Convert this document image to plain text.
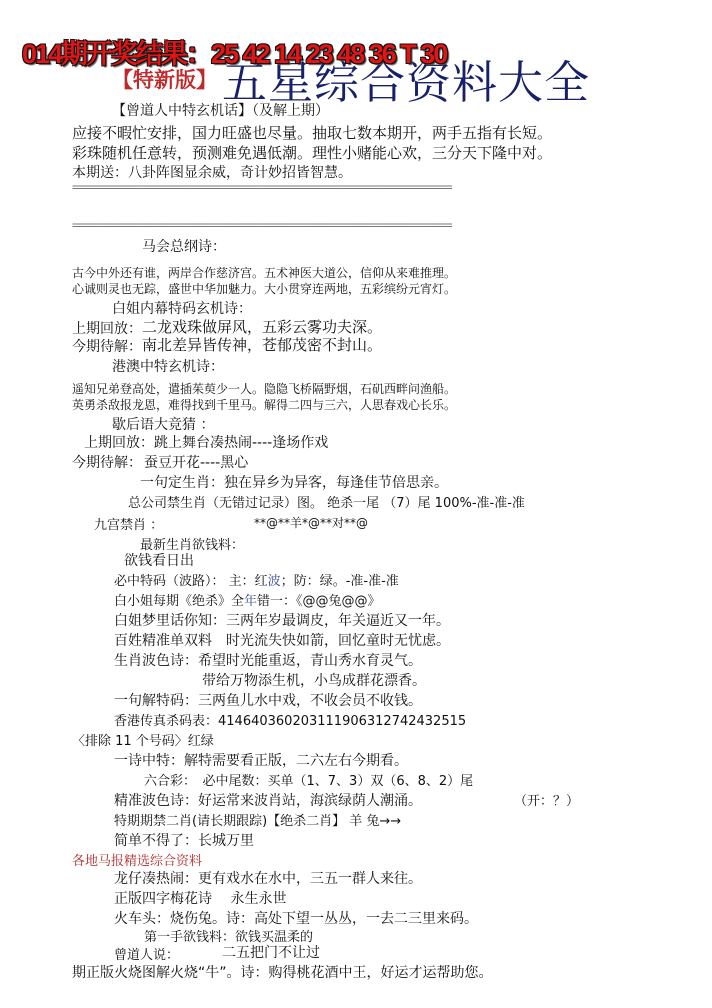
014期开奖结果：25 42 14 23 48 36 T 30
【特新版】 五星综合资料大全
【曾道人中特玄机话】（及解上期）
应接不暇忙安排，国力旺盛也尽量。抽取七数本期开，两手五指有长短。
彩珠随机任意转，预测难免遇低潮。理性小赌能心欢，三分天下隆中对。
本期送：八卦阵图显余威，奇计妙招皆智慧。
================================================================
================================================================
马会总纲诗：
古今中外还有谁，两岸合作慈济宫。五术神医大道公，信仰从来难推理。
心诚则灵也无踪，盛世中华加魅力。大小贯穿连两地，五彩缤纷元宵灯。
白姐内幕特码玄机诗：
上期回放： 二龙戏珠做屏风，五彩云雾功夫深。
今期待解： 南北差异皆传神，苍郁茂密不封山。
港澳中特玄机诗：
遥知兄弟登高处，遣插茱萸少一人。隐隐飞桥隔野烟，石矶西畔问渔船。
英勇杀敌报龙恩，难得找到千里马。解得二四与三六，人思春戏心长乐。
歇后语大竞猜 ：
上期回放： 跳上舞台凑热闹----逢场作戏
今期待解： 蚕豆开花----黑心
一句定生肖：独在异乡为异客，每逢佳节倍思亲。
总公司禁生肖（无错过记录）图。 绝杀一尾 （7）尾 100%-准-准-准
九宫禁肖 ：	**@**羊*@**对**@
最新生肖欲钱料：
欲钱看日出
必中特码（波路）： 主：红波；防：绿。-准-准-准
白小姐每期《绝杀》全年错一：《@@兔@@》
白姐梦里话你知：三两年岁最调皮，年关逼近又一年。
百姓精准单双料　时光流失快如箭，回忆童时无忧虑。
生肖波色诗：希望时光能重返，青山秀水育灵气。
带给万物添生机，小鸟成群花漂香。
一句解特码：三两鱼儿水中戏，不收会员不收钱。
香港传真杀码表：41464036020311190631274243251​5
〈排除 11 个号码〉红绿
一诗中特：解特需要看正版，二六左右今期看。
六合彩：　必中尾数：买单（1、7、3）双（6、8、2）尾
精准波色诗：好运常来波肖站，海滨绿荫人潮涌。	（开：？）
特期期禁二肖(请长期跟踪)【绝杀二肖】 羊 兔→→
简单不得了：长城万里
各地马报精选综合资料
龙仔凑热闹：更有戏水在水中，三五一群人来往。
正版四字梅花诗　 永生永世
火车头：烧伤兔。诗：高处下望一丛丛，一去二三里来码。
第一手欲钱料：欲钱买温柔的
曾道人说：	二五把门不让过
期正版火烧图解火烧“牛”。诗：购得桃花酒中王，好运才运帮助您。
